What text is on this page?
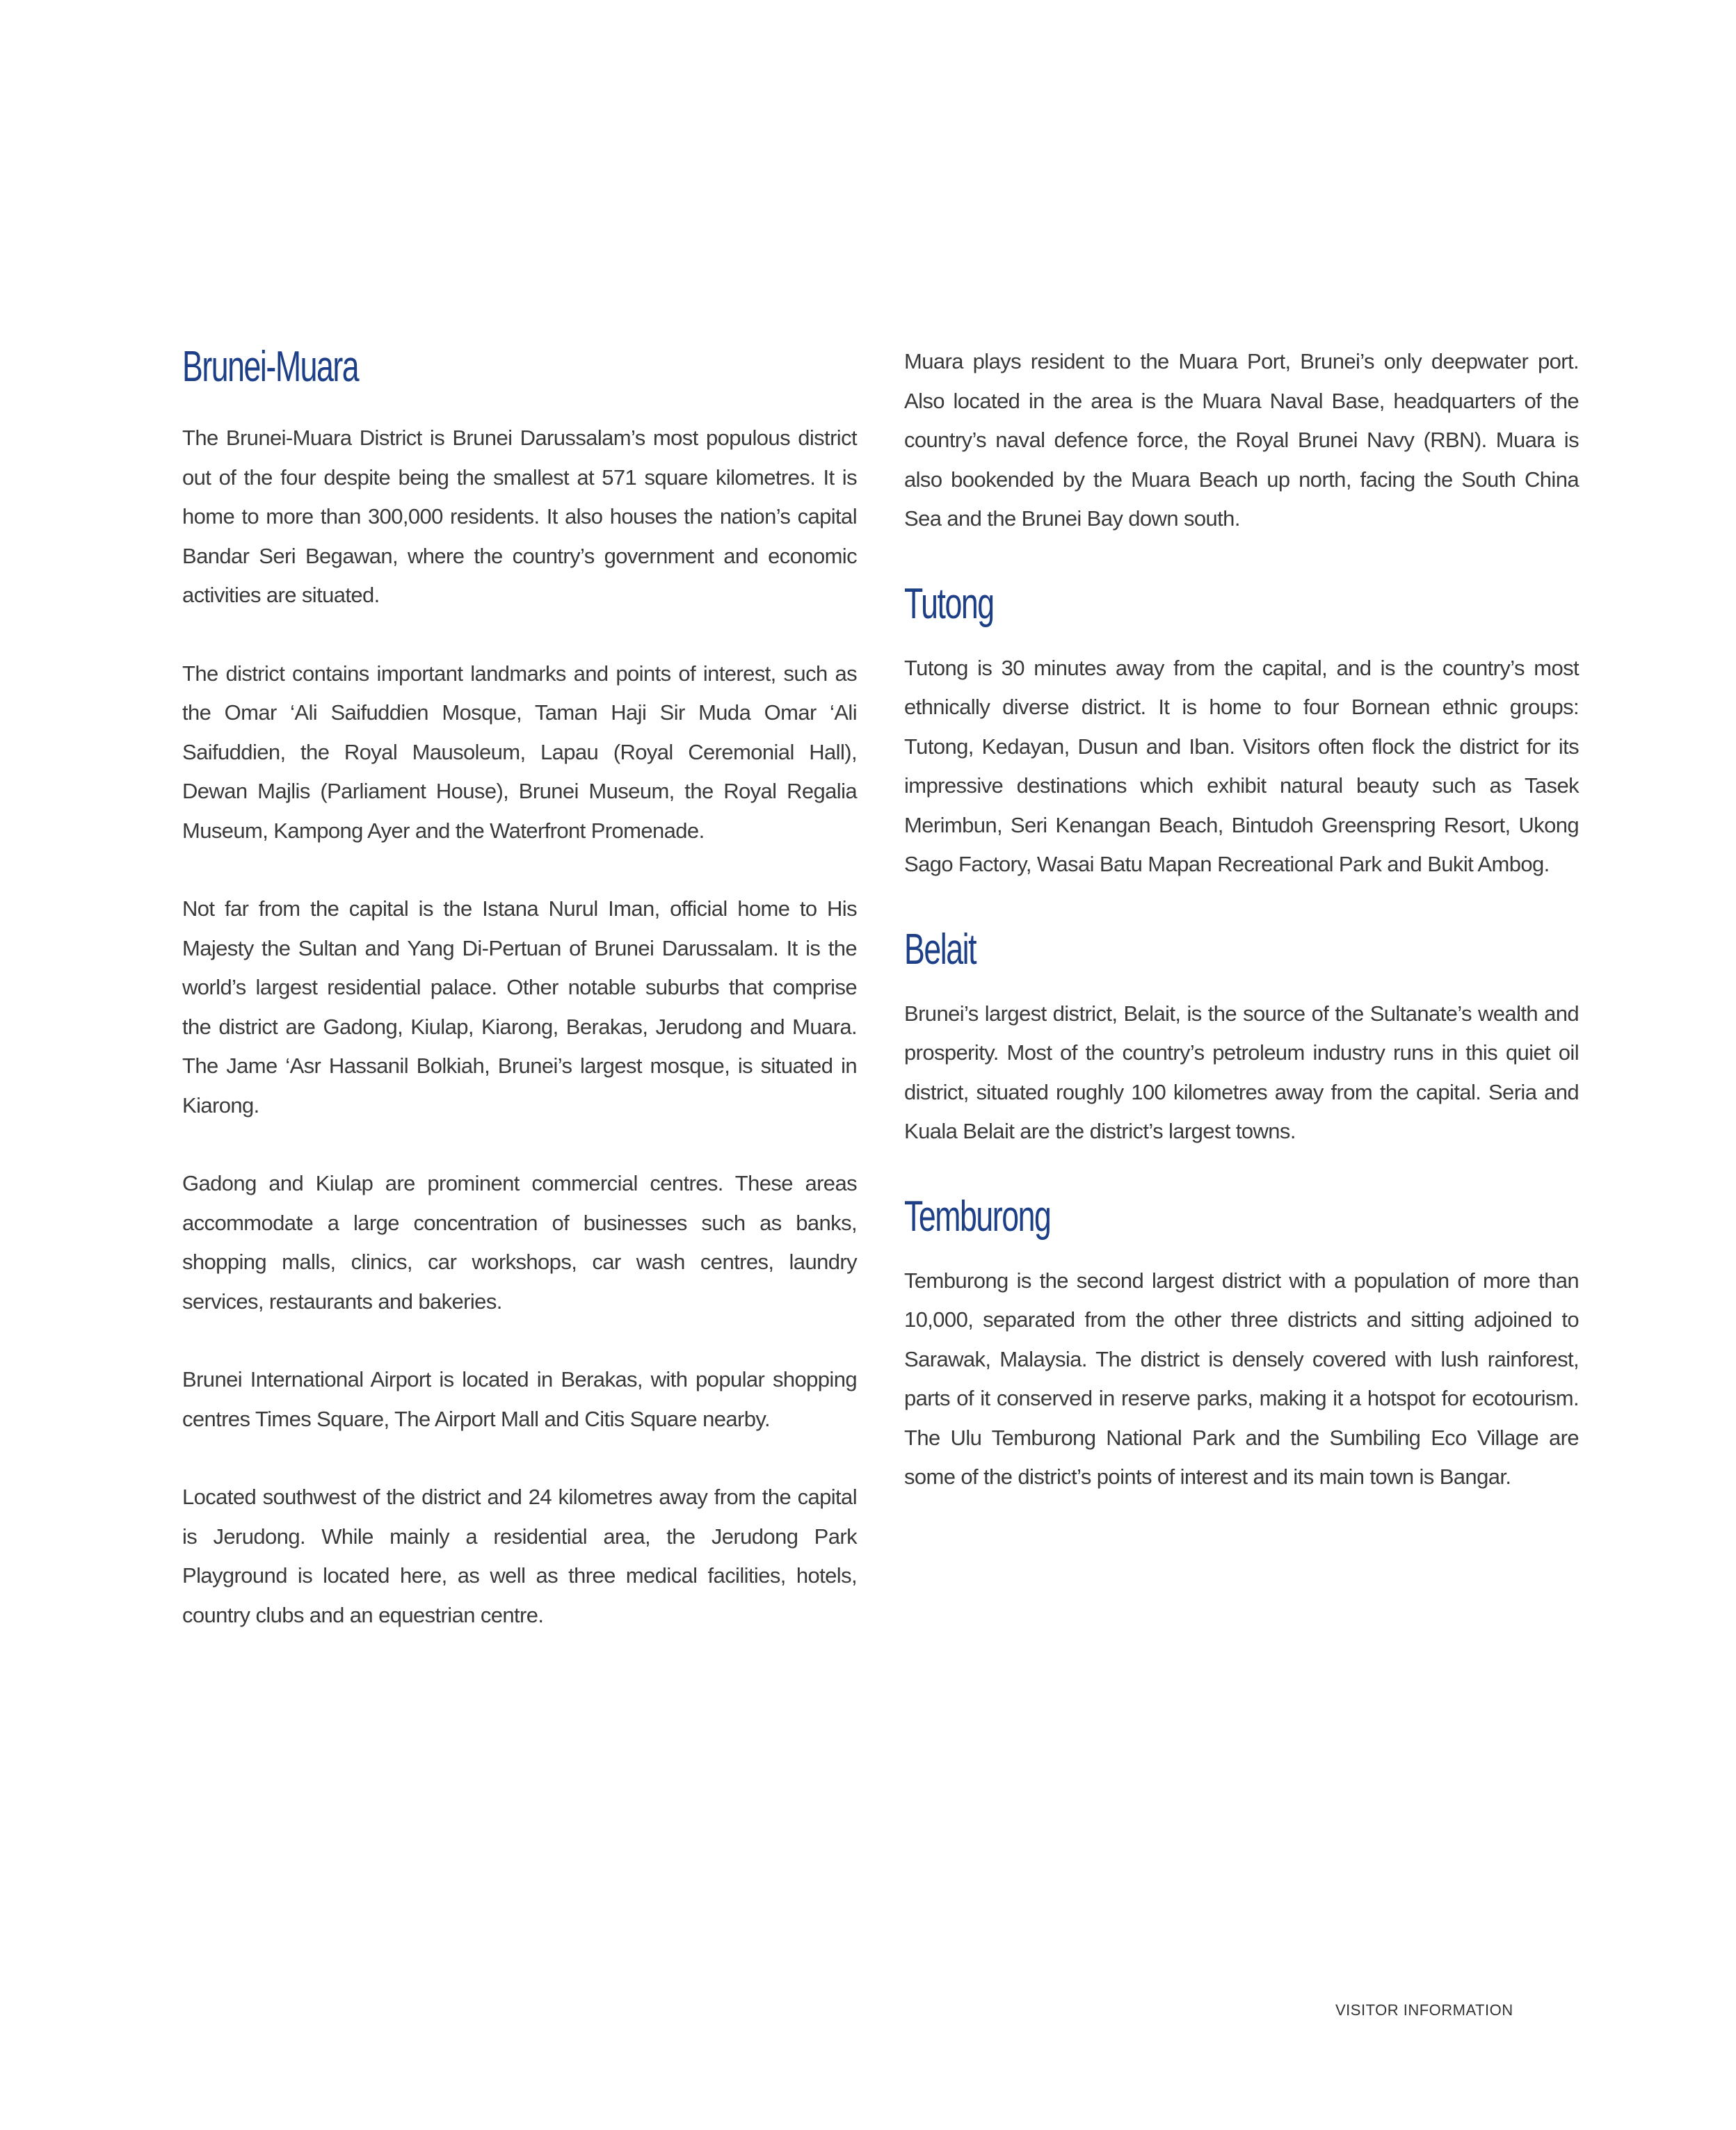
Brunei-Muara

The Brunei-Muara District is Brunei Darussalam’s most populous district out of the four despite being the smallest at 571 square kilometres. It is home to more than 300,000 residents. It also houses the nation’s capital Bandar Seri Begawan, where the country’s government and economic activities are situated.

The district contains important landmarks and points of interest, such as the Omar ‘Ali Saifuddien Mosque, Taman Haji Sir Muda Omar ‘Ali Saifuddien, the Royal Mausoleum, Lapau (Royal Ceremonial Hall), Dewan Majlis (Parliament House), Brunei Museum, the Royal Regalia Museum, Kampong Ayer and the Waterfront Promenade.

Not far from the capital is the Istana Nurul Iman, official home to His Majesty the Sultan and Yang Di-Pertuan of Brunei Darussalam. It is the world’s largest residential palace. Other notable suburbs that comprise the district are Gadong, Kiulap, Kiarong, Berakas, Jerudong and Muara. The Jame ‘Asr Hassanil Bolkiah, Brunei’s largest mosque, is situated in Kiarong.

Gadong and Kiulap are prominent commercial centres. These areas accommodate a large concentration of businesses such as banks, shopping malls, clinics, car workshops, car wash centres, laundry services, restaurants and bakeries.

Brunei International Airport is located in Berakas, with popular shopping centres Times Square, The Airport Mall and Citis Square nearby.

Located southwest of the district and 24 kilometres away from the capital is Jerudong. While mainly a residential area, the Jerudong Park Playground is located here, as well as three medical facilities, hotels, country clubs and an equestrian centre.

Muara plays resident to the Muara Port, Brunei’s only deepwater port. Also located in the area is the Muara Naval Base, headquarters of the country’s naval defence force, the Royal Brunei Navy (RBN). Muara is also bookended by the Muara Beach up north, facing the South China Sea and the Brunei Bay down south.

Tutong

Tutong is 30 minutes away from the capital, and is the country’s most ethnically diverse district. It is home to four Bornean ethnic groups: Tutong, Kedayan, Dusun and Iban. Visitors often flock the district for its impressive destinations which exhibit natural beauty such as Tasek Merimbun, Seri Kenangan Beach, Bintudoh Greenspring Resort, Ukong Sago Factory, Wasai Batu Mapan Recreational Park and Bukit Ambog.

Belait

Brunei’s largest district, Belait, is the source of the Sultanate’s wealth and prosperity. Most of the country’s petroleum industry runs in this quiet oil district, situated roughly 100 kilometres away from the capital. Seria and Kuala Belait are the district’s largest towns.

Temburong

Temburong is the second largest district with a population of more than 10,000, separated from the other three districts and sitting adjoined to Sarawak, Malaysia. The district is densely covered with lush rainforest, parts of it conserved in reserve parks, making it a hotspot for ecotourism. The Ulu Temburong National Park and the Sumbiling Eco Village are some of the district’s points of interest and its main town is Bangar.

VISITOR INFORMATION
